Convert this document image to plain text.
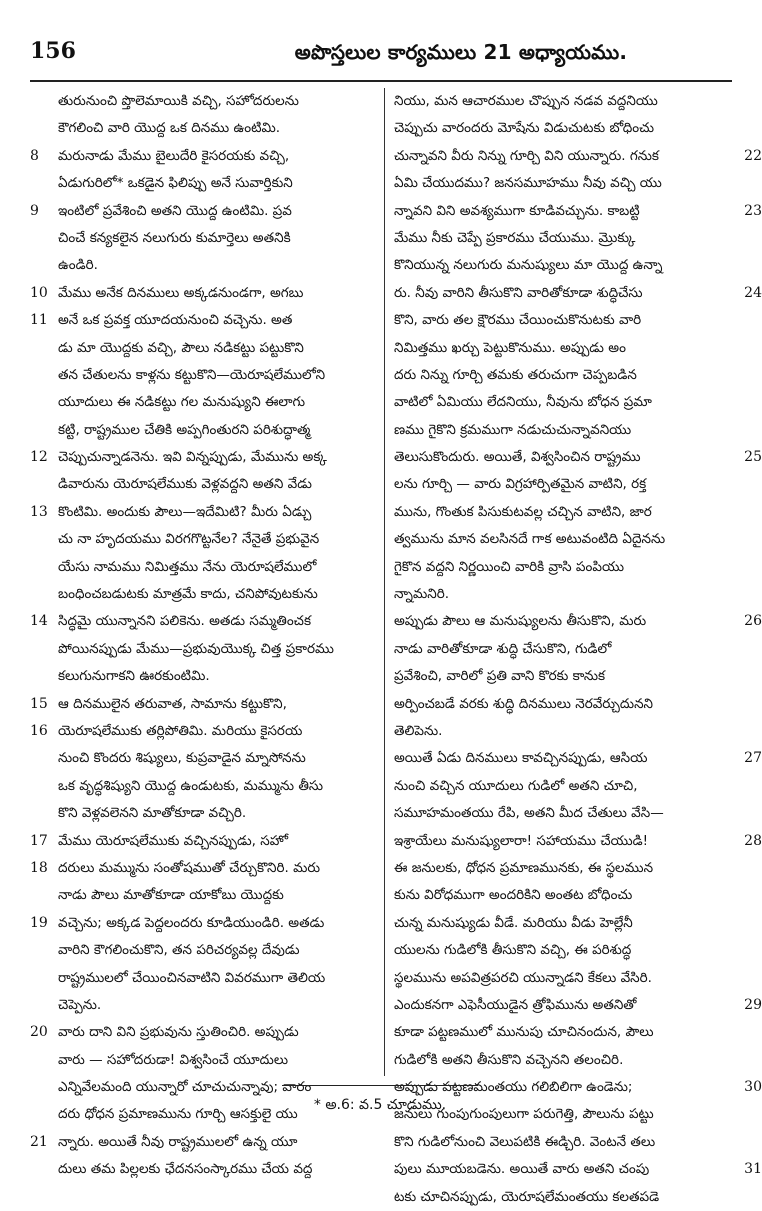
156	అపొస్తలుల కార్యములు 21 అధ్యాయము.
తురునుంచి ప్తొలెమాయికి వచ్చి, సహోదరులను
కౌగలించి వారి యొద్ద ఒక దినము ఉంటిమి.
8	మరునాడు మేము బైలుదేరి కైసరయకు వచ్చి,
ఏడుగురిలో* ఒకడైన ఫిలిప్పు అనే సువార్తికుని
9	ఇంటిలో ప్రవేశించి అతని యొద్ద ఉంటిమి. ప్రవ
చించే కన్యకలైన నలుగురు కుమార్తెలు అతనికి
ఉండిరి.
10 మేము అనేక దినములు అక్కడనుండగా, అగబు
11 అనే ఒక ప్రవక్త యూదయనుంచి వచ్చెను. అత
డు మా యొద్దకు వచ్చి, పౌలు నడికట్టు పట్టుకొని
తన చేతులను కాళ్లను కట్టుకొని—యెరూషలేములోని
యూదులు ఈ నడికట్టు గల మనుష్యుని ఈలాగు
కట్టి, రాష్ట్రముల చేతికి అప్పగింతురని పరిశుద్ధాత్మ
12 చెప్పుచున్నాడనెను. ఇవి విన్నప్పుడు, మేమును అక్క
డివారును యెరూషలేముకు వెళ్లవద్దని అతని వేడు
13 కొంటిమి. అందుకు పౌలు—ఇదేమిటి? మీరు ఏడ్చు
చు నా హృదయము విరగగొట్టనేల? నేనైతే ప్రభువైన
యేసు నామము నిమిత్తము నేను యెరూషలేములో
బంధించబడుటకు మాత్రమే కాదు, చనిపోవుటకును
14 సిద్ధమై యున్నానని పలికెను. అతడు సమ్మతించక
పోయినప్పుడు మేము—ప్రభువుయొక్క చిత్త ప్రకారము
కలుగునుగాకని ఊరకుంటిమి.
15 ఆ దినములైన తరువాత, సామాను కట్టుకొని,
16 యెరూషలేముకు తర్లిపోతిమి. మరియు కైసరయ
నుంచి కొందరు శిష్యులు, కుప్రవాడైన మ్నాసోనను
ఒక వృద్ధశిష్యుని యొద్ద ఉండుటకు, మమ్మును తీసు
కొని వెళ్లవలెనని మాతోకూడా వచ్చిరి.
17 మేము యెరూషలేముకు వచ్చినప్పుడు, సహో
18 దరులు మమ్మును సంతోషముతో చేర్చుకొనిరి. మరు
నాడు పౌలు మాతోకూడా యాకోబు యొద్దకు
19 వచ్చెను; అక్కడ పెద్దలందరు కూడియుండిరి. అతడు
వారిని కౌగలించుకొని, తన పరిచర్యవల్ల దేవుడు
రాష్ట్రములలో చేయించినవాటిని వివరముగా తెలియ
చెప్పెను.
20 వారు దాని విని ప్రభువును స్తుతించిరి. అప్పుడు
వారు — సహోదరుడా! విశ్వసించే యూదులు
ఎన్నివేలమంది యున్నారో చూచుచున్నావు; వారం
దరు ధోధన ప్రమాణమును గూర్చి ఆసక్తులై యు
21 న్నారు. అయితే నీవు రాష్ట్రములలో ఉన్న యూ
దులు తమ పిల్లలకు ఛేదనసంస్కారము చేయ వద్ద
నియు, మన ఆచారముల చొప్పున నడవ వద్దనియు
చెప్పుచు వారందరు మోషేను విడుచుటకు బోధించు
22
చున్నావని వీరు నిన్ను గూర్చి విని యున్నారు. గనుక
ఏమి చేయుదము? జనసమూహము నీవు వచ్చి యు
23
న్నావని విని అవశ్యముగా కూడివచ్చును. కాబట్టి
మేము నీకు చెప్పే ప్రకారము చేయుము. మ్రొక్కు
కొనియున్న నలుగురు మనుష్యులు మా యొద్ద ఉన్నా
24
రు. నీవు వారిని తీసుకొని వారితోకూడా శుద్ధిచేసు
కొని, వారు తల క్షౌరము చేయించుకొనుటకు వారి
నిమిత్తము ఖర్చు పెట్టుకొనుము. అప్పుడు అం
దరు నిన్ను గూర్చి తమకు తరుచుగా చెప్పబడిన
వాటిలో ఏమియు లేదనియు, నీవును బోధన ప్రమా
ణము గైకొని క్రమముగా నడుచుచున్నావనియు
25
తెలుసుకొందురు. అయితే, విశ్వసించిన రాష్ట్రము
లను గూర్చి — వారు విగ్రహార్పితమైన వాటిని, రక్త
మును, గొంతుక పిసుకుటవల్ల చచ్చిన వాటిని, జార
త్వమును మాన వలసినదే గాక అటువంటిది ఏదైనను
గైకొన వద్దని నిర్ణయించి వారికి వ్రాసి పంపియు
న్నామనిరి.
26
అప్పుడు పౌలు ఆ మనుష్యులను తీసుకొని, మరు
నాడు వారితోకూడా శుద్ధి చేసుకొని, గుడిలో
ప్రవేశించి, వారిలో ప్రతి వాని కొరకు కానుక
అర్పించబడే వరకు శుద్ధి దినములు నెరవేర్చుదునని
తెలిపెను.
27
అయితే ఏడు దినములు కావచ్చినప్పుడు, ఆసియ
నుంచి వచ్చిన యూదులు గుడిలో అతని చూచి,
సమూహమంతయు రేపి, అతని మీద చేతులు వేసి—
28
ఇశ్రాయేలు మనుష్యులారా! సహాయము చేయుడి!
ఈ జనులకు, ధోధన ప్రమాణమునకు, ఈ స్థలమున
కును విరోధముగా అందరికిని అంతట బోధించు
చున్న మనుష్యుడు వీడే. మరియు వీడు హెల్లేనీ
యులను గుడిలోకి తీసుకొని వచ్చి, ఈ పరిశుద్ధ
స్థలమును అపవిత్రపరచి యున్నాడని కేకలు వేసిరి.
29
ఎందుకనగా ఎఫెసీయుడైన త్రోఫిమును అతనితో
కూడా పట్టణములో మునుపు చూచినందున, పౌలు
గుడిలోకి అతని తీసుకొని వచ్చెనని తలంచిరి.
30
అప్పుడు పట్టణమంతయు గలిబిలిగా ఉండెను;
జనులు గుంపుగుంపులుగా పరుగెత్తి, పౌలును పట్టు
కొని గుడిలోనుంచి వెలుపటికి ఈడ్చిరి. వెంటనే తలు
31
పులు మూయబడెను. అయితే వారు అతని చంపు
టకు చూచినప్పుడు, యెరూషలేమంతయు కలతపడె
* అ.6: వ.5 చూడుము.
